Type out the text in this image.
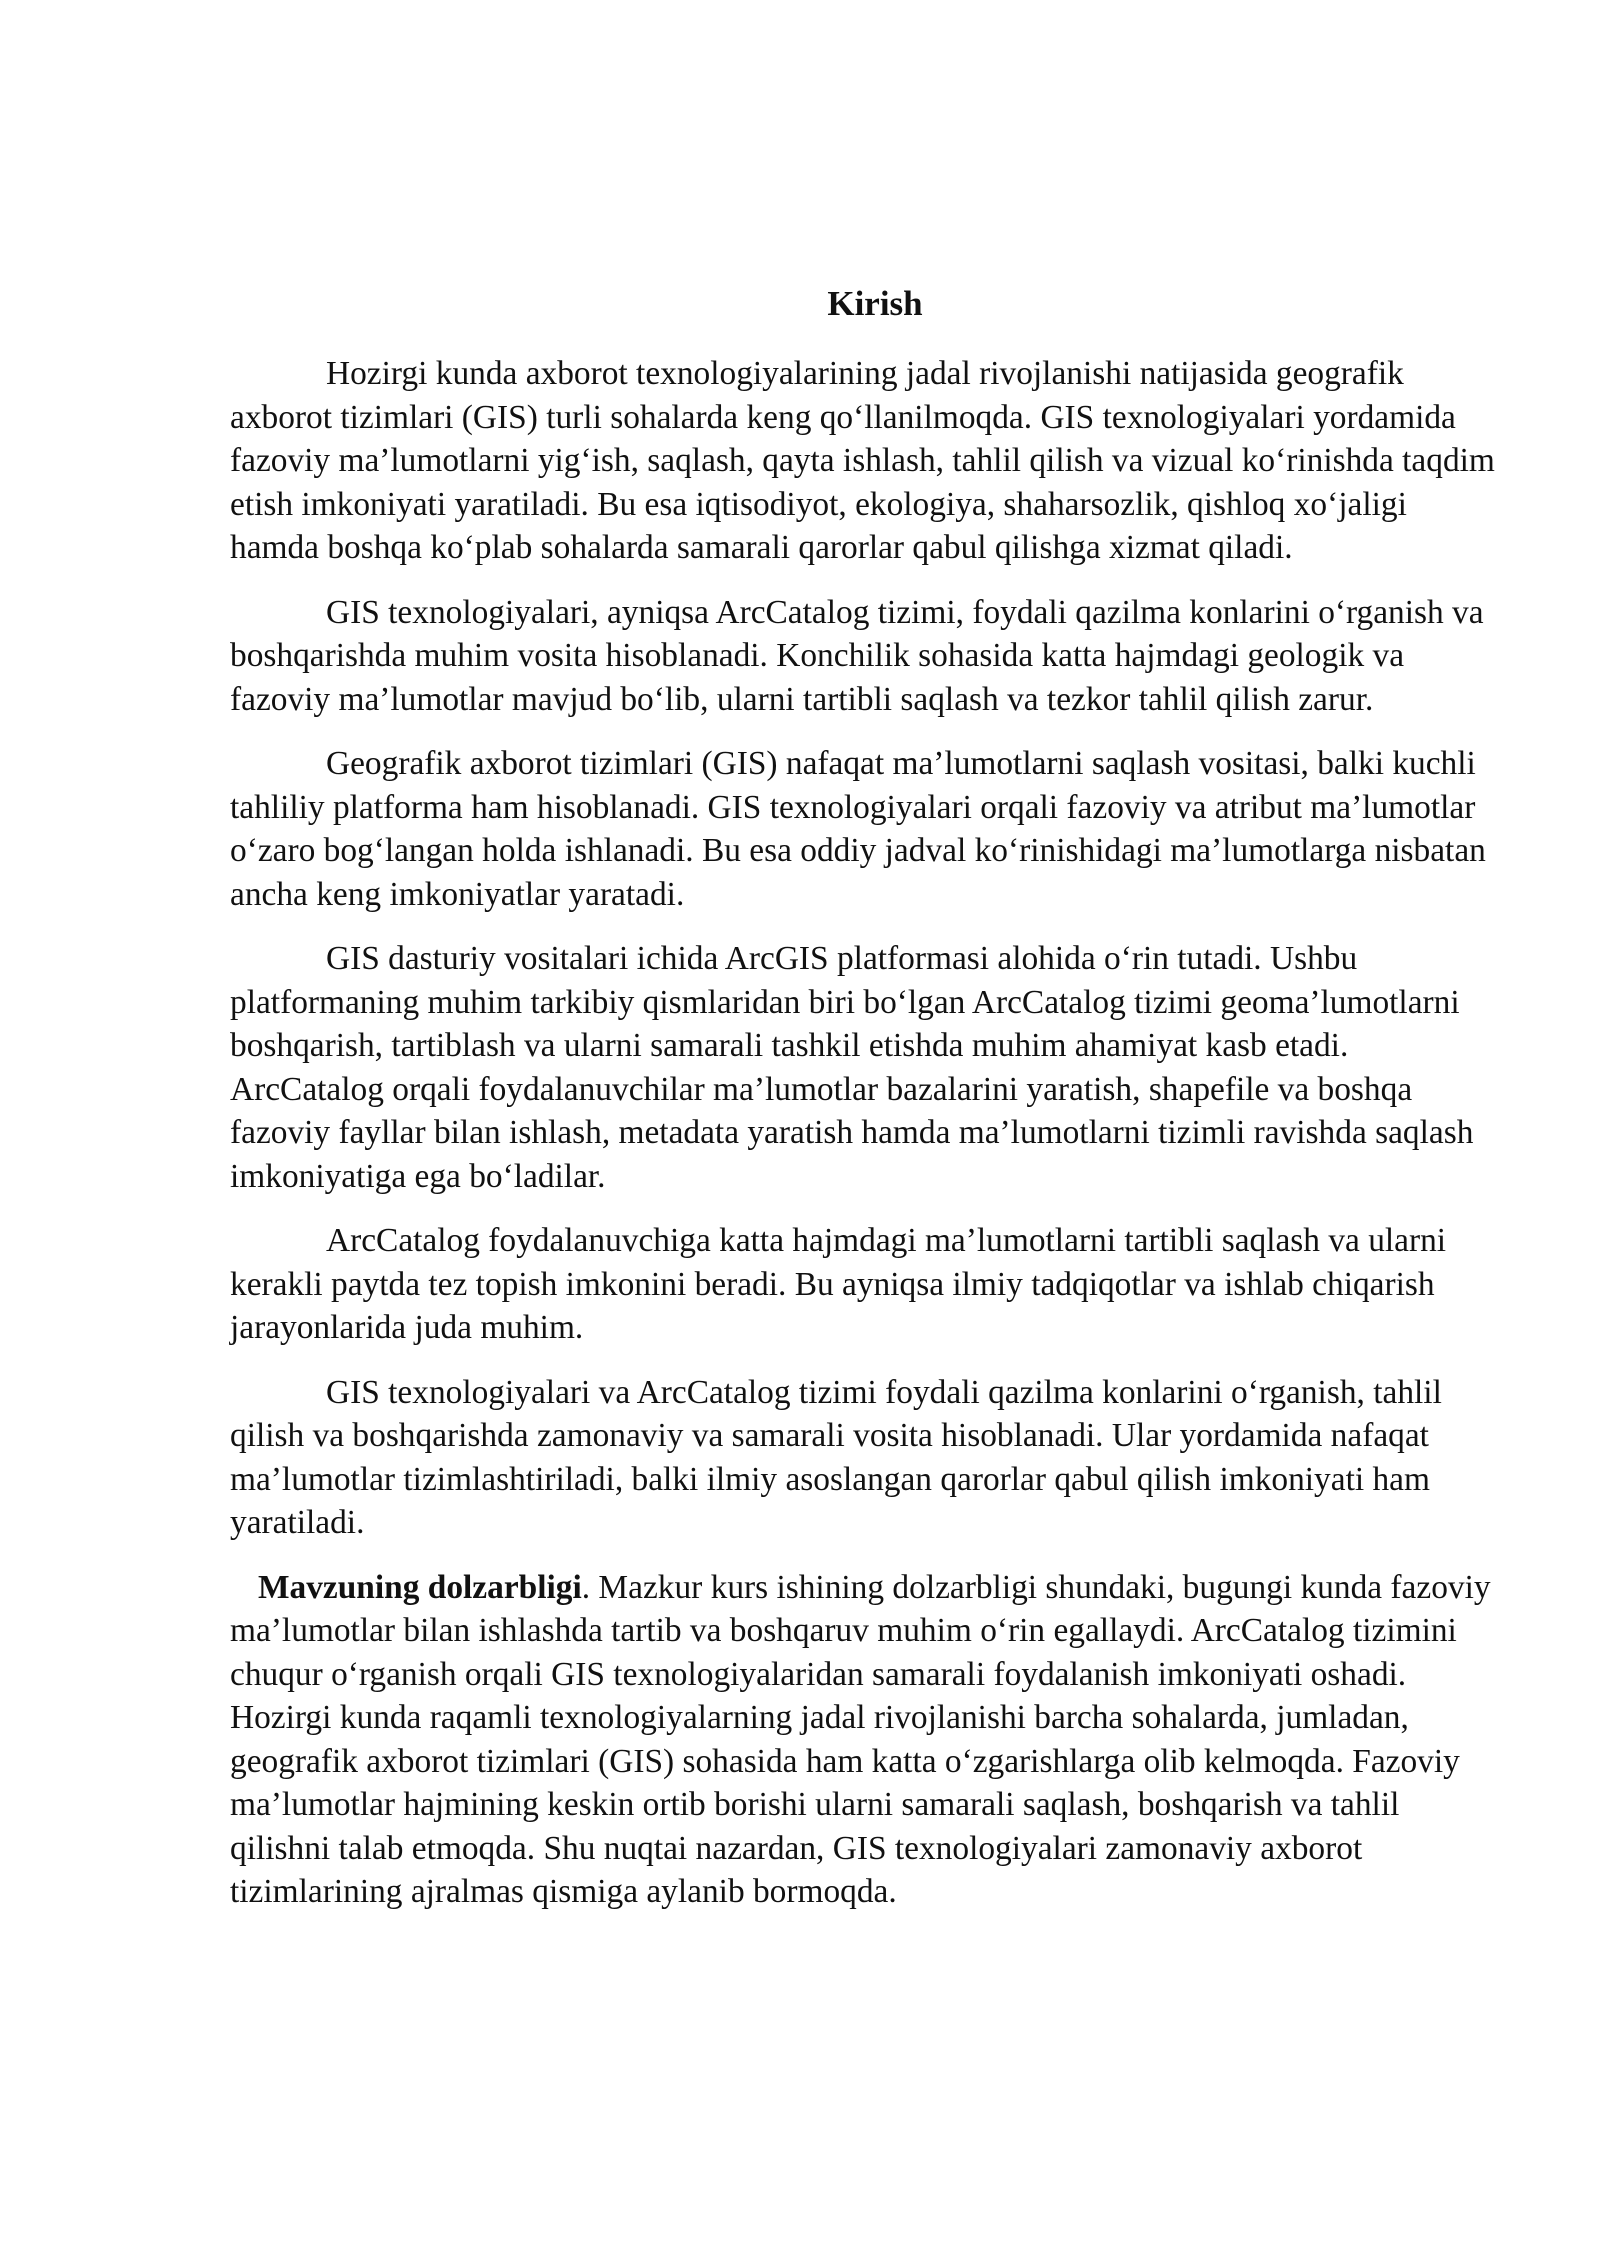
Kirish

Hozirgi kunda axborot texnologiyalarining jadal rivojlanishi natijasida geografik axborot tizimlari (GIS) turli sohalarda keng qo‘llanilmoqda. GIS texnologiyalari yordamida fazoviy ma’lumotlarni yig‘ish, saqlash, qayta ishlash, tahlil qilish va vizual ko‘rinishda taqdim etish imkoniyati yaratiladi. Bu esa iqtisodiyot, ekologiya, shaharsozlik, qishloq xo‘jaligi hamda boshqa ko‘plab sohalarda samarali qarorlar qabul qilishga xizmat qiladi.

GIS texnologiyalari, ayniqsa ArcCatalog tizimi, foydali qazilma konlarini o‘rganish va boshqarishda muhim vosita hisoblanadi. Konchilik sohasida katta hajmdagi geologik va fazoviy ma’lumotlar mavjud bo‘lib, ularni tartibli saqlash va tezkor tahlil qilish zarur.

Geografik axborot tizimlari (GIS) nafaqat ma’lumotlarni saqlash vositasi, balki kuchli tahliliy platforma ham hisoblanadi. GIS texnologiyalari orqali fazoviy va atribut ma’lumotlar o‘zaro bog‘langan holda ishlanadi. Bu esa oddiy jadval ko‘rinishidagi ma’lumotlarga nisbatan ancha keng imkoniyatlar yaratadi.

GIS dasturiy vositalari ichida ArcGIS platformasi alohida o‘rin tutadi. Ushbu platformaning muhim tarkibiy qismlaridan biri bo‘lgan ArcCatalog tizimi geoma’lumotlarni boshqarish, tartiblash va ularni samarali tashkil etishda muhim ahamiyat kasb etadi. ArcCatalog orqali foydalanuvchilar ma’lumotlar bazalarini yaratish, shapefile va boshqa fazoviy fayllar bilan ishlash, metadata yaratish hamda ma’lumotlarni tizimli ravishda saqlash imkoniyatiga ega bo‘ladilar.

ArcCatalog foydalanuvchiga katta hajmdagi ma’lumotlarni tartibli saqlash va ularni kerakli paytda tez topish imkonini beradi. Bu ayniqsa ilmiy tadqiqotlar va ishlab chiqarish jarayonlarida juda muhim.

GIS texnologiyalari va ArcCatalog tizimi foydali qazilma konlarini o‘rganish, tahlil qilish va boshqarishda zamonaviy va samarali vosita hisoblanadi. Ular yordamida nafaqat ma’lumotlar tizimlashtiriladi, balki ilmiy asoslangan qarorlar qabul qilish imkoniyati ham yaratiladi.

Mavzuning dolzarbligi. Mazkur kurs ishining dolzarbligi shundaki, bugungi kunda fazoviy ma’lumotlar bilan ishlashda tartib va boshqaruv muhim o‘rin egallaydi. ArcCatalog tizimini chuqur o‘rganish orqali GIS texnologiyalaridan samarali foydalanish imkoniyati oshadi. Hozirgi kunda raqamli texnologiyalarning jadal rivojlanishi barcha sohalarda, jumladan, geografik axborot tizimlari (GIS) sohasida ham katta o‘zgarishlarga olib kelmoqda. Fazoviy ma’lumotlar hajmining keskin ortib borishi ularni samarali saqlash, boshqarish va tahlil qilishni talab etmoqda. Shu nuqtai nazardan, GIS texnologiyalari zamonaviy axborot tizimlarining ajralmas qismiga aylanib bormoqda.
